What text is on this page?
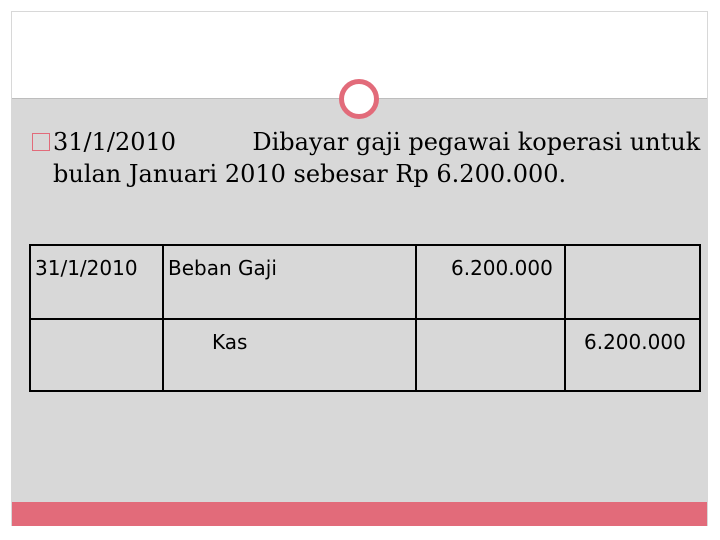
31/1/2010	Dibayar gaji pegawai koperasi untuk
bulan Januari 2010 sebesar Rp 6.200.000.
31/1/2010	Beban Gaji	6.200.000	

	Kas		6.200.000
